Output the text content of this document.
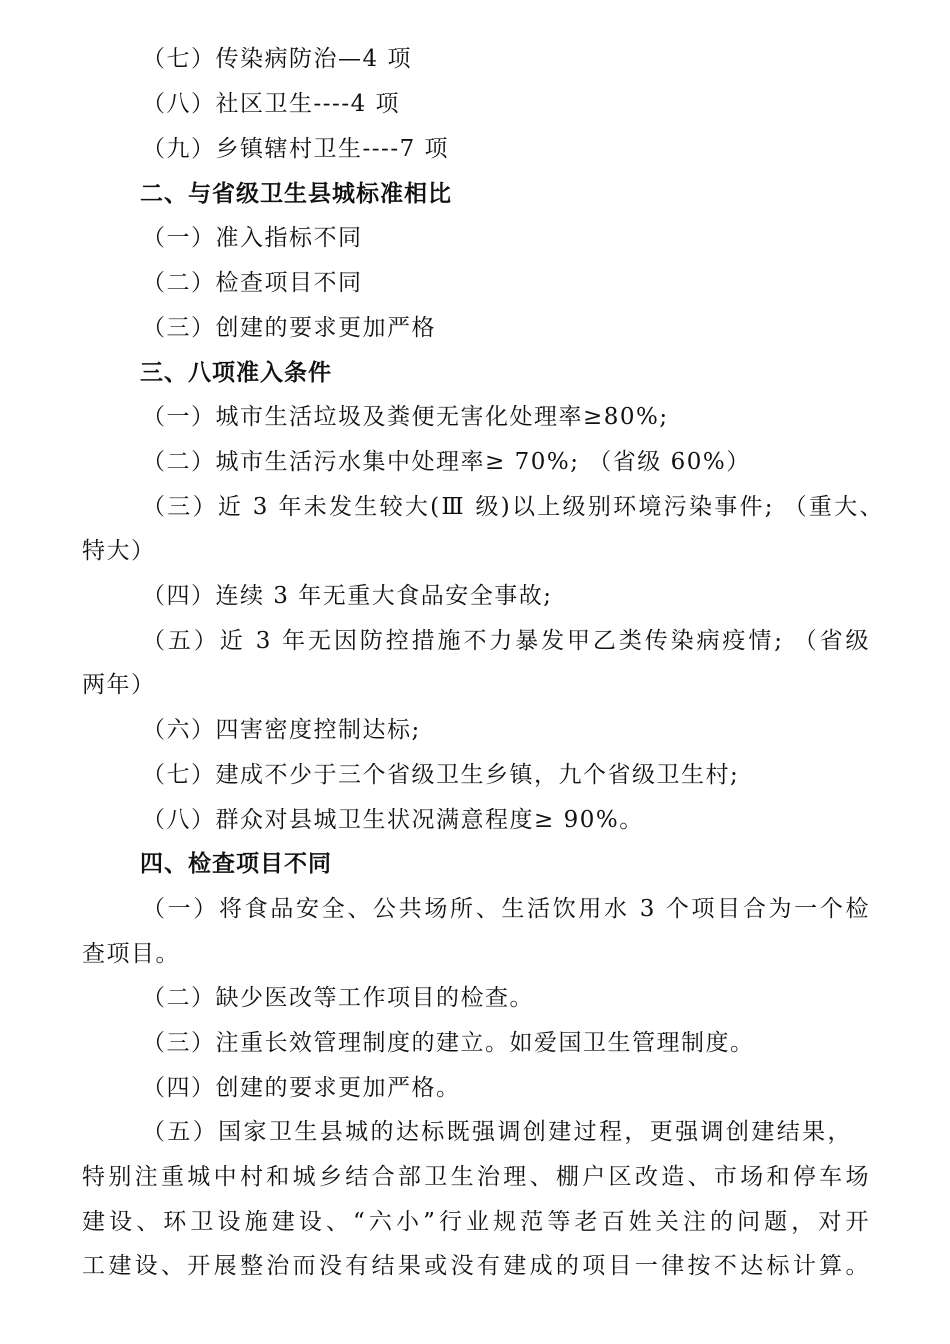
（七）传染病防治—4 项
（八）社区卫生----4 项
（九）乡镇辖村卫生----7 项
二、与省级卫生县城标准相比
（一）准入指标不同
（二）检查项目不同
（三）创建的要求更加严格
三、八项准入条件
（一）城市生活垃圾及粪便无害化处理率≥80%;
（二）城市生活污水集中处理率≥ 70%; （省级 60%）
（三）近 3 年未发生较大(Ⅲ 级)以上级别环境污染事件; （重大、
特大）
（四）连续 3 年无重大食品安全事故;
（五）近 3 年无因防控措施不力暴发甲乙类传染病疫情; （省级
两年）
（六）四害密度控制达标;
（七）建成不少于三个省级卫生乡镇，九个省级卫生村;
（八）群众对县城卫生状况满意程度≥ 90%。
四、检查项目不同
（一）将食品安全、公共场所、生活饮用水 3 个项目合为一个检
查项目。
（二）缺少医改等工作项目的检查。
（三）注重长效管理制度的建立。如爱国卫生管理制度。
（四）创建的要求更加严格。
（五）国家卫生县城的达标既强调创建过程，更强调创建结果，
特别注重城中村和城乡结合部卫生治理、棚户区改造、市场和停车场
建设、环卫设施建设、“六小”行业规范等老百姓关注的问题，对开
工建设、开展整治而没有结果或没有建成的项目一律按不达标计算。
